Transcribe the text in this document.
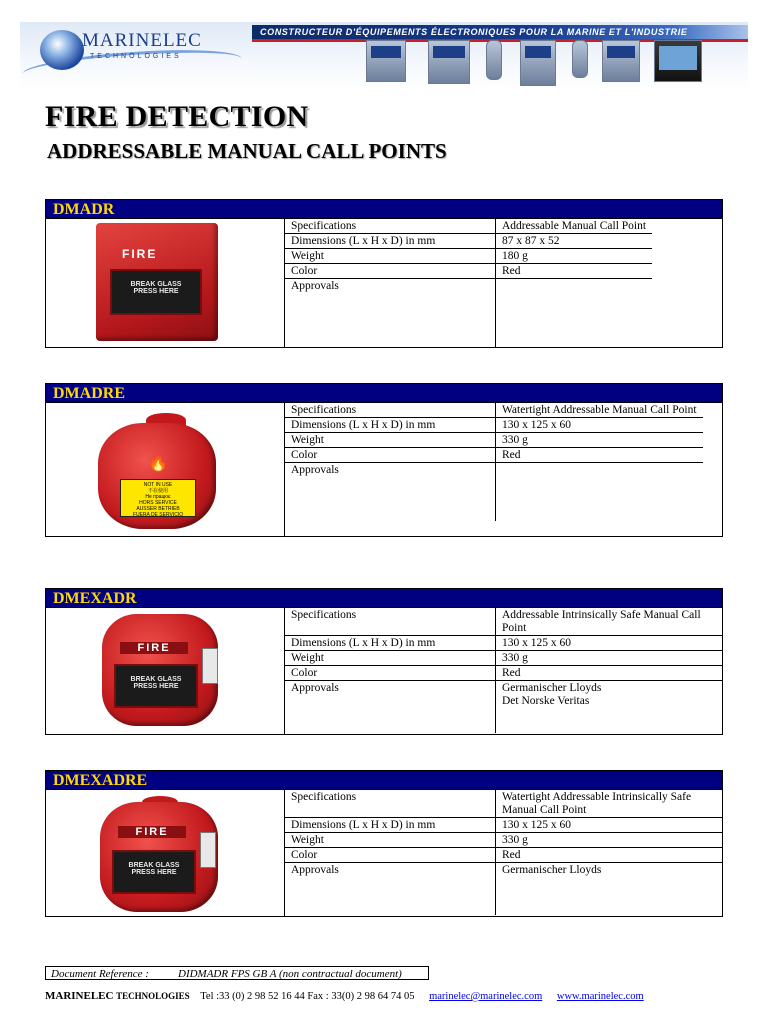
CONSTRUCTEUR D'ÉQUIPEMENTS ÉLECTRONIQUES POUR LA MARINE ET L'INDUSTRIE
MARINELEC
TECHNOLOGIES
FIRE DETECTION
ADDRESSABLE MANUAL CALL POINTS
DMADR
FIRE
BREAK GLASS
PRESS HERE
Specifications	Addressable Manual Call Point
Dimensions (L x H x D) in mm	87 x 87 x 52
Weight	180 g
Color	Red
Approvals	
DMADRE
🔥
NOT IN USE
不在使用
Не працює
HORS SERVICE
AUSSER BETRIEB
FUERA DE SERVICIO
Specifications	Watertight Addressable Manual Call Point
Dimensions (L x H x D) in mm	130 x 125 x 60
Weight	330 g
Color	Red
Approvals	
DMEXADR
FIRE
BREAK GLASS
PRESS HERE
Specifications	Addressable Intrinsically Safe Manual Call Point
Dimensions (L x H x D) in mm	130 x 125 x 60
Weight	330 g
Color	Red
Approvals	Germanischer Lloyds
Det Norske Veritas
DMEXADRE
FIRE
BREAK GLASS
PRESS HERE
Specifications	Watertight Addressable Intrinsically Safe Manual Call Point
Dimensions (L x H x D) in mm	130 x 125 x 60
Weight	330 g
Color	Red
Approvals	Germanischer Lloyds
Document Reference :	DIDMADR FPS GB A (non contractual document)
MARINELEC TECHNOLOGIES Tel :33 (0) 2 98 52 16 44 Fax : 33(0) 2 98 64 74 05 marinelec@marinelec.com www.marinelec.com
